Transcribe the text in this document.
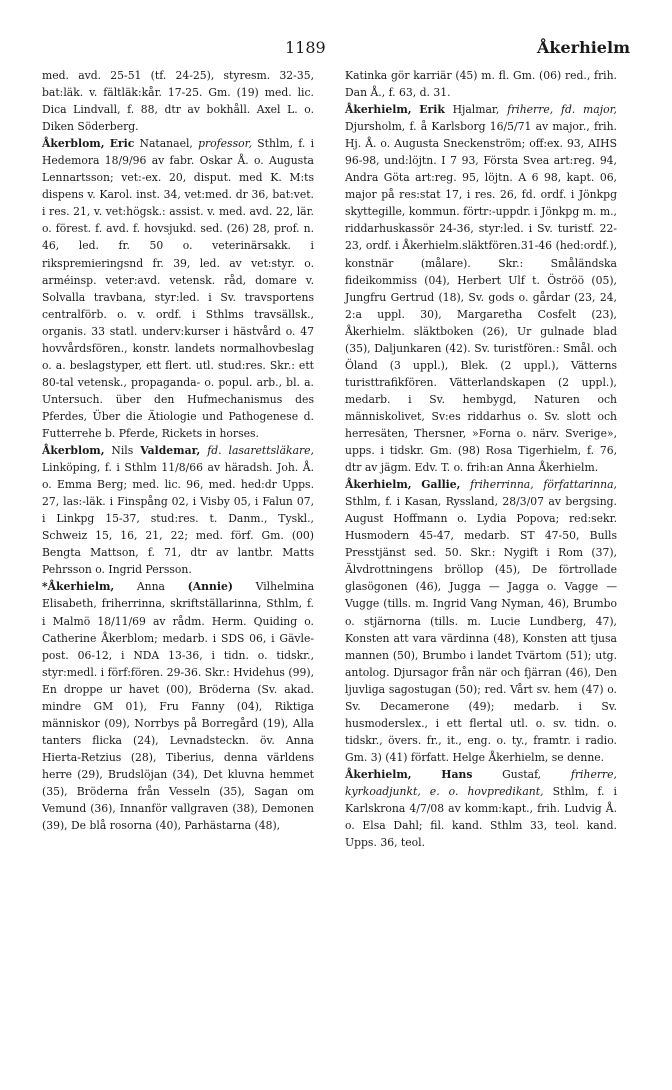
1189	Åkerhielm
med. avd. 25-51 (tf. 24-25), styresm. 32-35, bat:läk. v. fältläk:kår. 17-25. Gm. (19) med. lic. Dica Lindvall, f. 88, dtr av bokhåll. Axel L. o. Diken Söderberg.
Åkerblom, Eric Natanael, professor, Sthlm, f. i Hedemora 18/9/96 av fabr. Oskar Å. o. Augusta Lennartsson; vet:-ex. 20, disput. med K. M:ts dispens v. Karol. inst. 34, vet:med. dr 36, bat:vet. i res. 21, v. vet:högsk.: assist. v. med. avd. 22, lär. o. förest. f. avd. f. hovsjukd. sed. (26) 28, prof. n. 46, led. fr. 50 o. veterinärsakk. i rikspremieringsnd fr. 39, led. av vet:styr. o. arméinsp. veter:avd. vetensk. råd, domare v. Solvalla travbana, styr:led. i Sv. travsportens centralförb. o. v. ordf. i Sthlms travsällsk., organis. 33 statl. underv:kurser i hästvård o. 47 hovvårdsfören., konstr. landets normalhovbeslag o. a. beslagstyper, ett flert. utl. stud:res. Skr.: ett 80-tal vetensk., propaganda- o. popul. arb., bl. a. Untersuch. über den Hufmechanismus des Pferdes, Über die Ätiologie und Pathogenese d. Futterrehe b. Pferde, Rickets in horses.
Åkerblom, Nils Valdemar, fd. lasarettsläkare, Linköping, f. i Sthlm 11/8/66 av häradsh. Joh. Å. o. Emma Berg; med. lic. 96, med. hed:dr Upps. 27, las:-läk. i Finspång 02, i Visby 05, i Falun 07, i Linkpg 15-37, stud:res. t. Danm., Tyskl., Schweiz 15, 16, 21, 22; med. förf. Gm. (00) Bengta Mattson, f. 71, dtr av lantbr. Matts Pehrsson o. Ingrid Persson.
*Åkerhielm, Anna (Annie) Vilhelmina Elisabeth, friherrinna, skriftställarinna, Sthlm, f. i Malmö 18/11/69 av rådm. Herm. Quiding o. Catherine Åkerblom; medarb. i SDS 06, i Gävle-post. 06-12, i NDA 13-36, i tidn. o. tidskr., styr:medl. i förf:fören. 29-36. Skr.: Hvidehus (99), En droppe ur havet (00), Bröderna (Sv. akad. mindre GM 01), Fru Fanny (04), Riktiga människor (09), Norrbys på Borregård (19), Alla tanters flicka (24), Levnadsteckn. öv. Anna Hierta-Retzius (28), Tiberius, denna världens herre (29), Brudslöjan (34), Det kluvna hemmet (35), Bröderna från Vesseln (35), Sagan om Vemund (36), Innanför vallgraven (38), Demonen (39), De blå rosorna (40), Parhästarna (48),
Katinka gör karriär (45) m. fl. Gm. (06) red., frih. Dan Å., f. 63, d. 31.
Åkerhielm, Erik Hjalmar, friherre, fd. major, Djursholm, f. å Karlsborg 16/5/71 av major., frih. Hj. Å. o. Augusta Sneckenström; off:ex. 93, AIHS 96-98, und:löjtn. I 7 93, Första Svea art:reg. 94, Andra Göta art:reg. 95, löjtn. A 6 98, kapt. 06, major på res:stat 17, i res. 26, fd. ordf. i Jönkpg skyttegille, kommun. förtr:-uppdr. i Jönkpg m. m., riddarhuskassör 24-36, styr:led. i Sv. turistf. 22-23, ordf. i Åkerhielm.släktfören.31-46 (hed:ordf.), konstnär (målare). Skr.: Småländska fideikommiss (04), Herbert Ulf t. Öströö (05), Jungfru Gertrud (18), Sv. gods o. gårdar (23, 24, 2:a uppl. 30), Margaretha Cosfelt (23), Åkerhielm. släktboken (26), Ur gulnade blad (35), Daljunkaren (42). Sv. turistfören.: Smål. och Öland (3 uppl.), Blek. (2 uppl.), Vätterns turisttrafikfören. Vätterlandskapen (2 uppl.), medarb. i Sv. hembygd, Naturen och människolivet, Sv:es riddarhus o. Sv. slott och herresäten, Thersner, »Forna o. närv. Sverige», upps. i tidskr. Gm. (98) Rosa Tigerhielm, f. 76, dtr av jägm. Edv. T. o. frih:an Anna Åkerhielm.
Åkerhielm, Gallie, friherrinna, författarinna, Sthlm, f. i Kasan, Ryssland, 28/3/07 av bergsing. August Hoffmann o. Lydia Popova; red:sekr. Husmodern 45-47, medarb. ST 47-50, Bulls Presstjänst sed. 50. Skr.: Nygift i Rom (37), Älvdrottningens bröllop (45), De förtrollade glasögonen (46), Jugga — Jagga o. Vagge — Vugge (tills. m. Ingrid Vang Nyman, 46), Brumbo o. stjärnorna (tills. m. Lucie Lundberg, 47), Konsten att vara värdinna (48), Konsten att tjusa mannen (50), Brumbo i landet Tvärtom (51); utg. antolog. Djursagor från när och fjärran (46), Den ljuvliga sagostugan (50); red. Vårt sv. hem (47) o. Sv. Decamerone (49); medarb. i Sv. husmoderslex., i ett flertal utl. o. sv. tidn. o. tidskr., övers. fr., it., eng. o. ty., framtr. i radio. Gm. 3) (41) författ. Helge Åkerhielm, se denne.
Åkerhielm,	Hans	Gustaf,	friherre, kyrkoadjunkt, e. o. hovpredikant, Sthlm, f. i Karlskrona 4/7/08 av komm:kapt., frih. Ludvig Å. o. Elsa Dahl; fil. kand. Sthlm 33, teol. kand. Upps. 36, teol.
